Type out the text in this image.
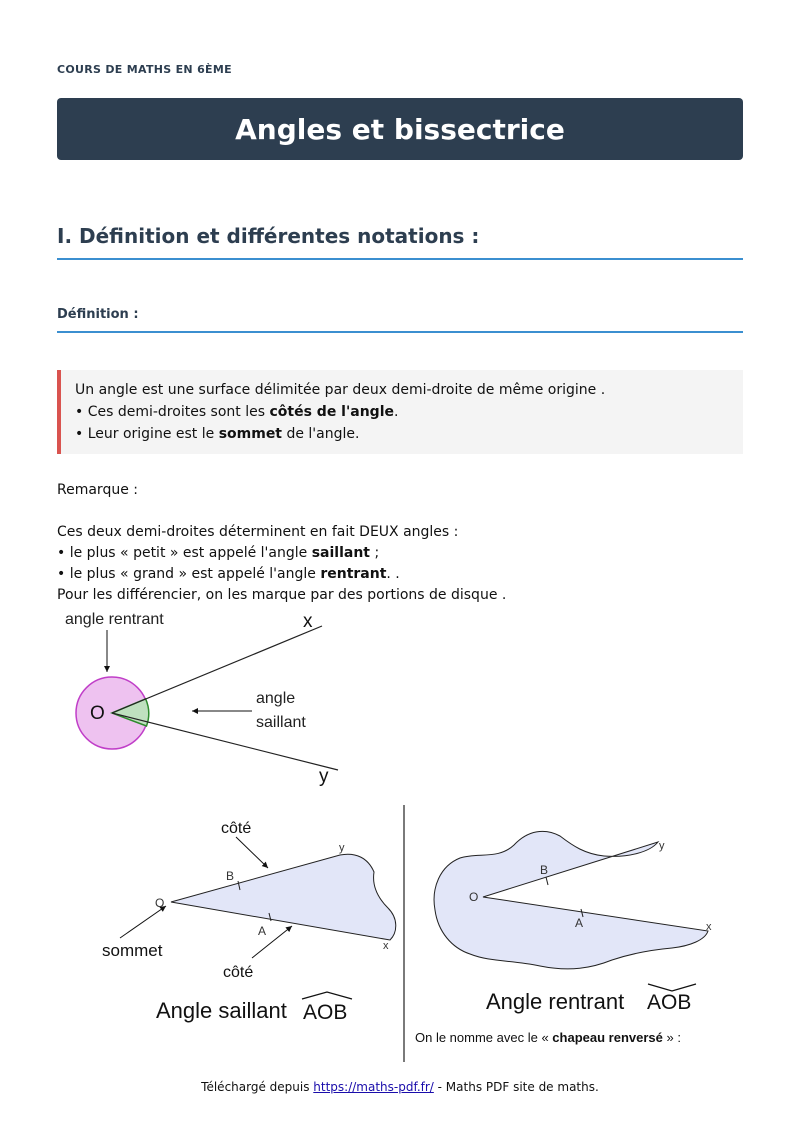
COURS DE MATHS EN 6ÈME
Angles et bissectrice
I. Définition et différentes notations :
Définition :
Un angle est une surface délimitée par deux demi-droite de même origine .
• Ces demi-droites sont les côtés de l'angle.
• Leur origine est le sommet de l'angle.
Remarque :
Ces deux demi-droites déterminent en fait DEUX angles :
• le plus « petit » est appelé l'angle saillant ;
• le plus « grand » est appelé l'angle rentrant. .
Pour les différencier, on les marque par des portions de disque .
angle rentrant	x
O
angle
saillant
y
côté
y
B
O
A
x
sommet
côté
Angle saillant AOB
y
B
O
A	x
Angle rentrant AOB
On le nomme avec le « chapeau renversé » :
Téléchargé depuis https://maths-pdf.fr/ - Maths PDF site de maths.
